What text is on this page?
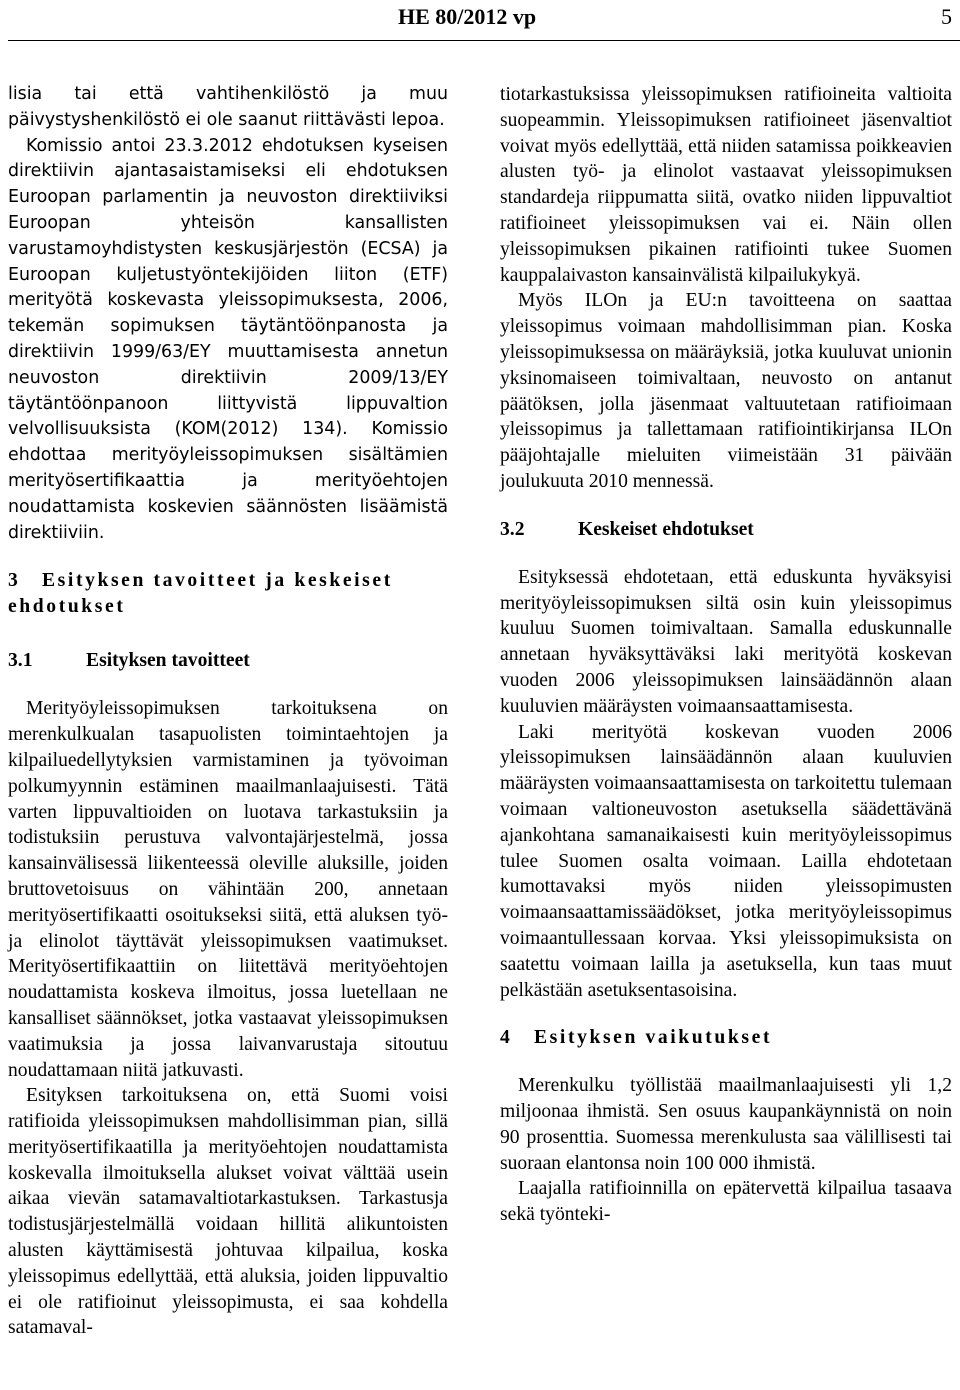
HE 80/2012 vp	5

lisia tai että vahtihenkilöstö ja muu päivystyshenkilöstö ei ole saanut riittävästi lepoa.

Komissio antoi 23.3.2012 ehdotuksen kyseisen direktiivin ajantasaistamiseksi eli ehdotuksen Euroopan parlamentin ja neuvoston direktiiviksi Euroopan yhteisön kansallisten varustamoyhdistysten keskusjärjestön (ECSA) ja Euroopan kuljetustyöntekijöiden liiton (ETF) merityötä koskevasta yleissopimuksesta, 2006, tekemän sopimuksen täytäntöönpanosta ja direktiivin 1999/63/EY muuttamisesta annetun neuvoston direktiivin 2009/13/EY täytäntöönpanoon liittyvistä lippuvaltion velvollisuuksista (KOM(2012) 134). Komissio ehdottaa merityöyleissopimuksen sisältämien merityösertifikaattia ja merityöehtojen noudattamista koskevien säännösten lisäämistä direktiiviin.

3 Esityksen tavoitteet ja keskeiset ehdotukset

3.1	Esityksen tavoitteet

Merityöyleissopimuksen tarkoituksena on merenkulkualan tasapuolisten toimintaehtojen ja kilpailuedellytyksien varmistaminen ja työvoiman polkumyynnin estäminen maailmanlaajuisesti. Tätä varten lippuvaltioiden on luotava tarkastuksiin ja todistuksiin perustuva valvontajärjestelmä, jossa kansainvälisessä liikenteessä oleville aluksille, joiden bruttovetoisuus on vähintään 200, annetaan merityösertifikaatti osoitukseksi siitä, että aluksen työ- ja elinolot täyttävät yleissopimuksen vaatimukset. Merityösertifikaattiin on liitettävä merityöehtojen noudattamista koskeva ilmoitus, jossa luetellaan ne kansalliset säännökset, jotka vastaavat yleissopimuksen vaatimuksia ja jossa laivanvarustaja sitoutuu noudattamaan niitä jatkuvasti.

Esityksen tarkoituksena on, että Suomi voisi ratifioida yleissopimuksen mahdollisimman pian, sillä merityösertifikaatilla ja merityöehtojen noudattamista koskevalla ilmoituksella alukset voivat välttää usein aikaa vievän satamavaltiotarkastuksen. Tarkastusja todistusjärjestelmällä voidaan hillitä alikuntoisten alusten käyttämisestä johtuvaa kilpailua, koska yleissopimus edellyttää, että aluksia, joiden lippuvaltio ei ole ratifioinut yleissopimusta, ei saa kohdella satamaval-

tiotarkastuksissa yleissopimuksen ratifioineita valtioita suopeammin. Yleissopimuksen ratifioineet jäsenvaltiot voivat myös edellyttää, että niiden satamissa poikkeavien alusten työ- ja elinolot vastaavat yleissopimuksen standardeja riippumatta siitä, ovatko niiden lippuvaltiot ratifioineet yleissopimuksen vai ei. Näin ollen yleissopimuksen pikainen ratifiointi tukee Suomen kauppalaivaston kansainvälistä kilpailukykyä.

Myös ILOn ja EU:n tavoitteena on saattaa yleissopimus voimaan mahdollisimman pian. Koska yleissopimuksessa on määräyksiä, jotka kuuluvat unionin yksinomaiseen toimivaltaan, neuvosto on antanut päätöksen, jolla jäsenmaat valtuutetaan ratifioimaan yleissopimus ja tallettamaan ratifiointikirjansa ILOn pääjohtajalle mieluiten viimeistään 31 päivään joulukuuta 2010 mennessä.

3.2	Keskeiset ehdotukset

Esityksessä ehdotetaan, että eduskunta hyväksyisi merityöyleissopimuksen siltä osin kuin yleissopimus kuuluu Suomen toimivaltaan. Samalla eduskunnalle annetaan hyväksyttäväksi laki merityötä koskevan vuoden 2006 yleissopimuksen lainsäädännön alaan kuuluvien määräysten voimaansaattamisesta.

Laki merityötä koskevan vuoden 2006 yleissopimuksen lainsäädännön alaan kuuluvien määräysten voimaansaattamisesta on tarkoitettu tulemaan voimaan valtioneuvoston asetuksella säädettävänä ajankohtana samanaikaisesti kuin merityöyleissopimus tulee Suomen osalta voimaan. Lailla ehdotetaan kumottavaksi myös niiden yleissopimusten voimaansaattamissäädökset, jotka merityöyleissopimus voimaantullessaan korvaa. Yksi yleissopimuksista on saatettu voimaan lailla ja asetuksella, kun taas muut pelkästään asetuksentasoisina.

4 Esityksen vaikutukset

Merenkulku työllistää maailmanlaajuisesti yli 1,2 miljoonaa ihmistä. Sen osuus kaupankäynnistä on noin 90 prosenttia. Suomessa merenkulusta saa välillisesti tai suoraan elantonsa noin 100 000 ihmistä.

Laajalla ratifioinnilla on epätervettä kilpailua tasaava sekä työnteki-
